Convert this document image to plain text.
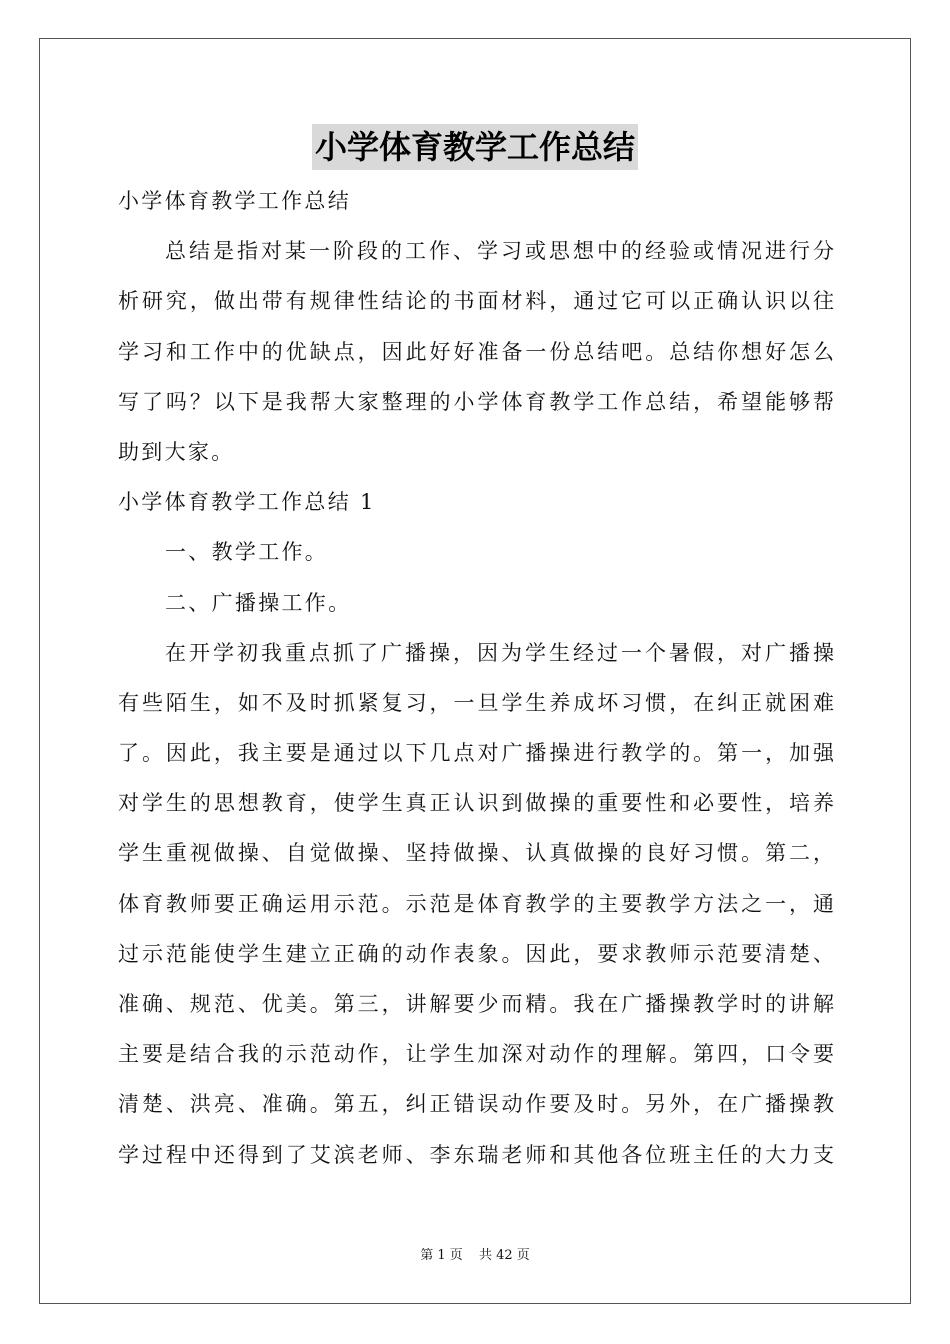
小学体育教学工作总结
小学体育教学工作总结
总结是指对某一阶段的工作、学习或思想中的经验或情况进行分
析研究，做出带有规律性结论的书面材料，通过它可以正确认识以往
学习和工作中的优缺点，因此好好准备一份总结吧。总结你想好怎么
写了吗？以下是我帮大家整理的小学体育教学工作总结，希望能够帮
助到大家。
小学体育教学工作总结 1
一、教学工作。
二、广播操工作。
在开学初我重点抓了广播操，因为学生经过一个暑假，对广播操
有些陌生，如不及时抓紧复习，一旦学生养成坏习惯，在纠正就困难
了。因此，我主要是通过以下几点对广播操进行教学的。第一，加强
对学生的思想教育，使学生真正认识到做操的重要性和必要性，培养
学生重视做操、自觉做操、坚持做操、认真做操的良好习惯。第二，
体育教师要正确运用示范。示范是体育教学的主要教学方法之一，通
过示范能使学生建立正确的动作表象。因此，要求教师示范要清楚、
准确、规范、优美。第三，讲解要少而精。我在广播操教学时的讲解
主要是结合我的示范动作，让学生加深对动作的理解。第四，口令要
清楚、洪亮、准确。第五，纠正错误动作要及时。另外，在广播操教
学过程中还得到了艾滨老师、李东瑞老师和其他各位班主任的大力支
第 1 页 共 42 页
